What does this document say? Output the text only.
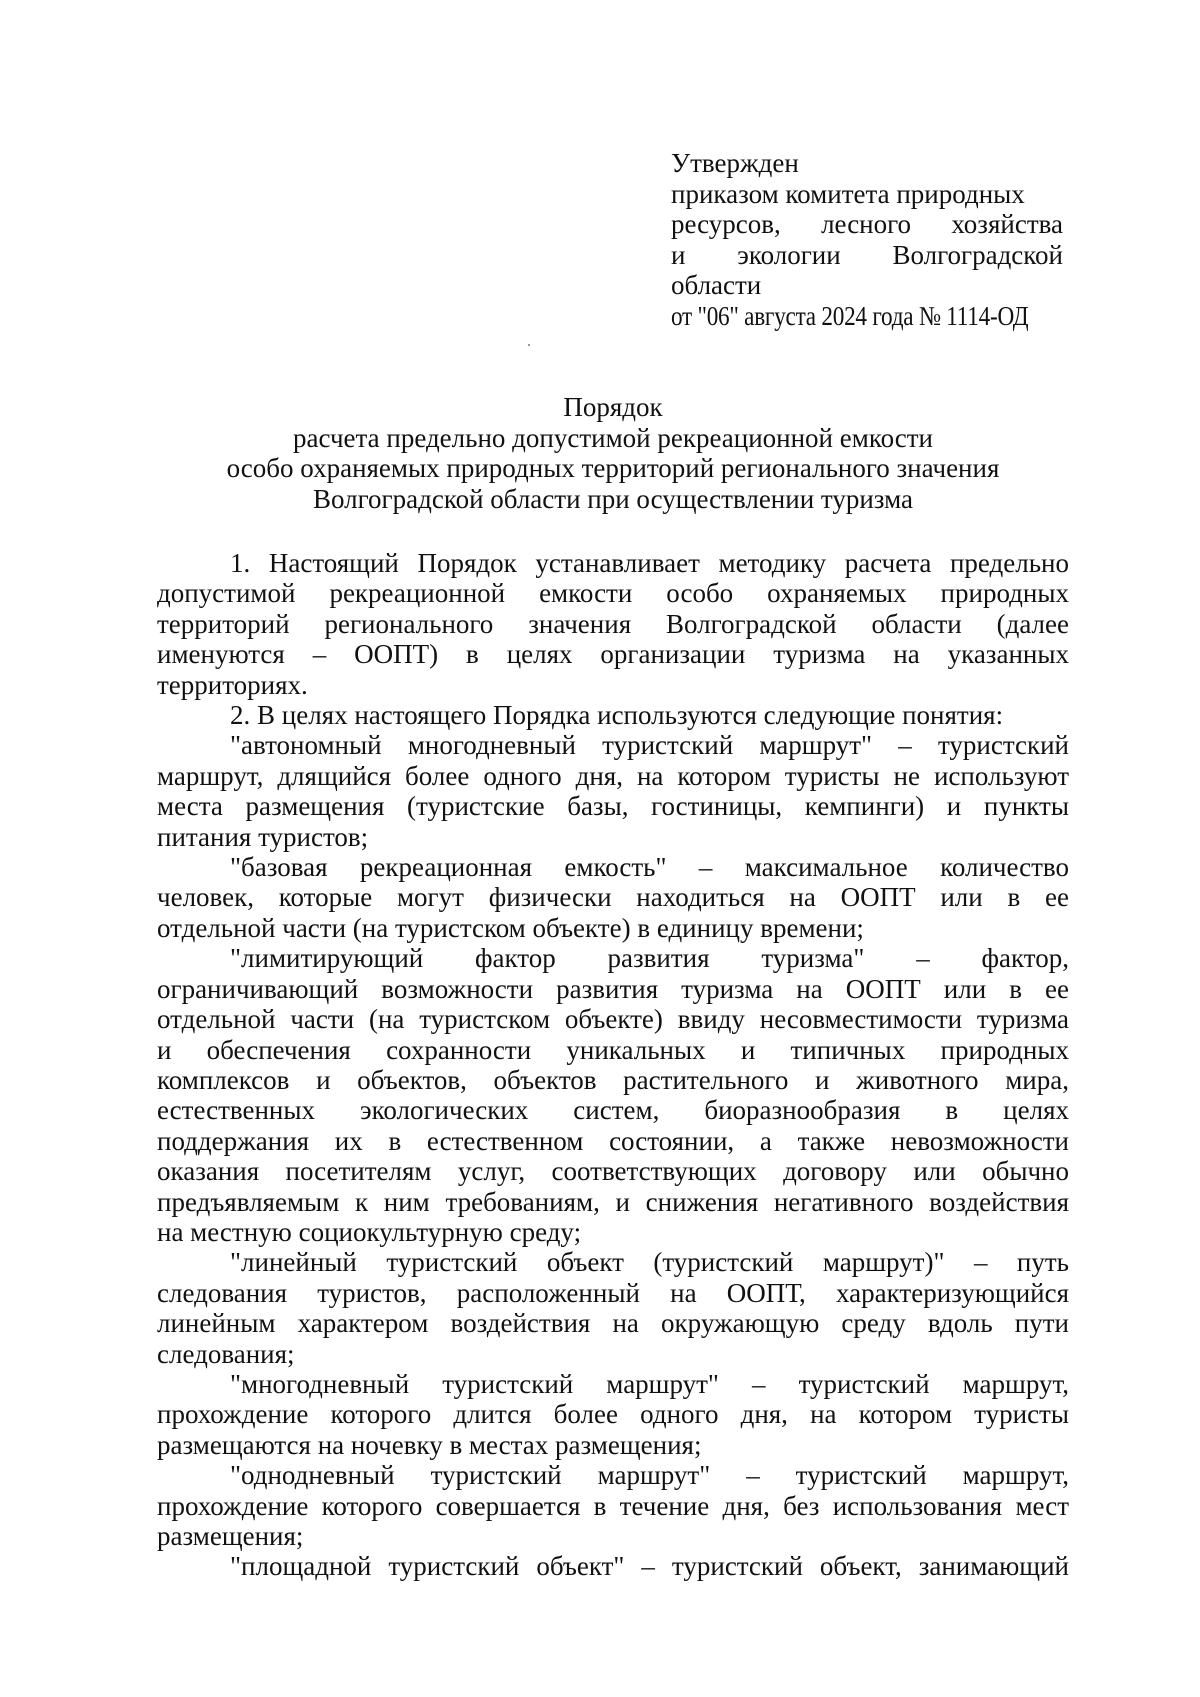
Утвержден
приказом комитета природных
ресурсов, лесного хозяйства
и экологии Волгоградской
области
от "06" августа 2024 года № 1114-ОД
Порядок
расчета предельно допустимой рекреационной емкости
особо охраняемых природных территорий регионального значения
Волгоградской области при осуществлении туризма
1. Настоящий Порядок устанавливает методику расчета предельно
допустимой рекреационной емкости особо охраняемых природных
территорий регионального значения Волгоградской области (далее
именуются – ООПТ) в целях организации туризма на указанных
территориях.
2. В целях настоящего Порядка используются следующие понятия:
"автономный многодневный туристский маршрут" – туристский
маршрут, длящийся более одного дня, на котором туристы не используют
места размещения (туристские базы, гостиницы, кемпинги) и пункты
питания туристов;
"базовая рекреационная емкость" – максимальное количество
человек, которые могут физически находиться на ООПТ или в ее
отдельной части (на туристском объекте) в единицу времени;
"лимитирующий фактор развития туризма" – фактор,
ограничивающий возможности развития туризма на ООПТ или в ее
отдельной части (на туристском объекте) ввиду несовместимости туризма
и обеспечения сохранности уникальных и типичных природных
комплексов и объектов, объектов растительного и животного мира,
естественных экологических систем, биоразнообразия в целях
поддержания их в естественном состоянии, а также невозможности
оказания посетителям услуг, соответствующих договору или обычно
предъявляемым к ним требованиям, и снижения негативного воздействия
на местную социокультурную среду;
"линейный туристский объект (туристский маршрут)" – путь
следования туристов, расположенный на ООПТ, характеризующийся
линейным характером воздействия на окружающую среду вдоль пути
следования;
"многодневный туристский маршрут" – туристский маршрут,
прохождение которого длится более одного дня, на котором туристы
размещаются на ночевку в местах размещения;
"однодневный туристский маршрут" – туристский маршрут,
прохождение которого совершается в течение дня, без использования мест
размещения;
"площадной туристский объект" – туристский объект, занимающий
